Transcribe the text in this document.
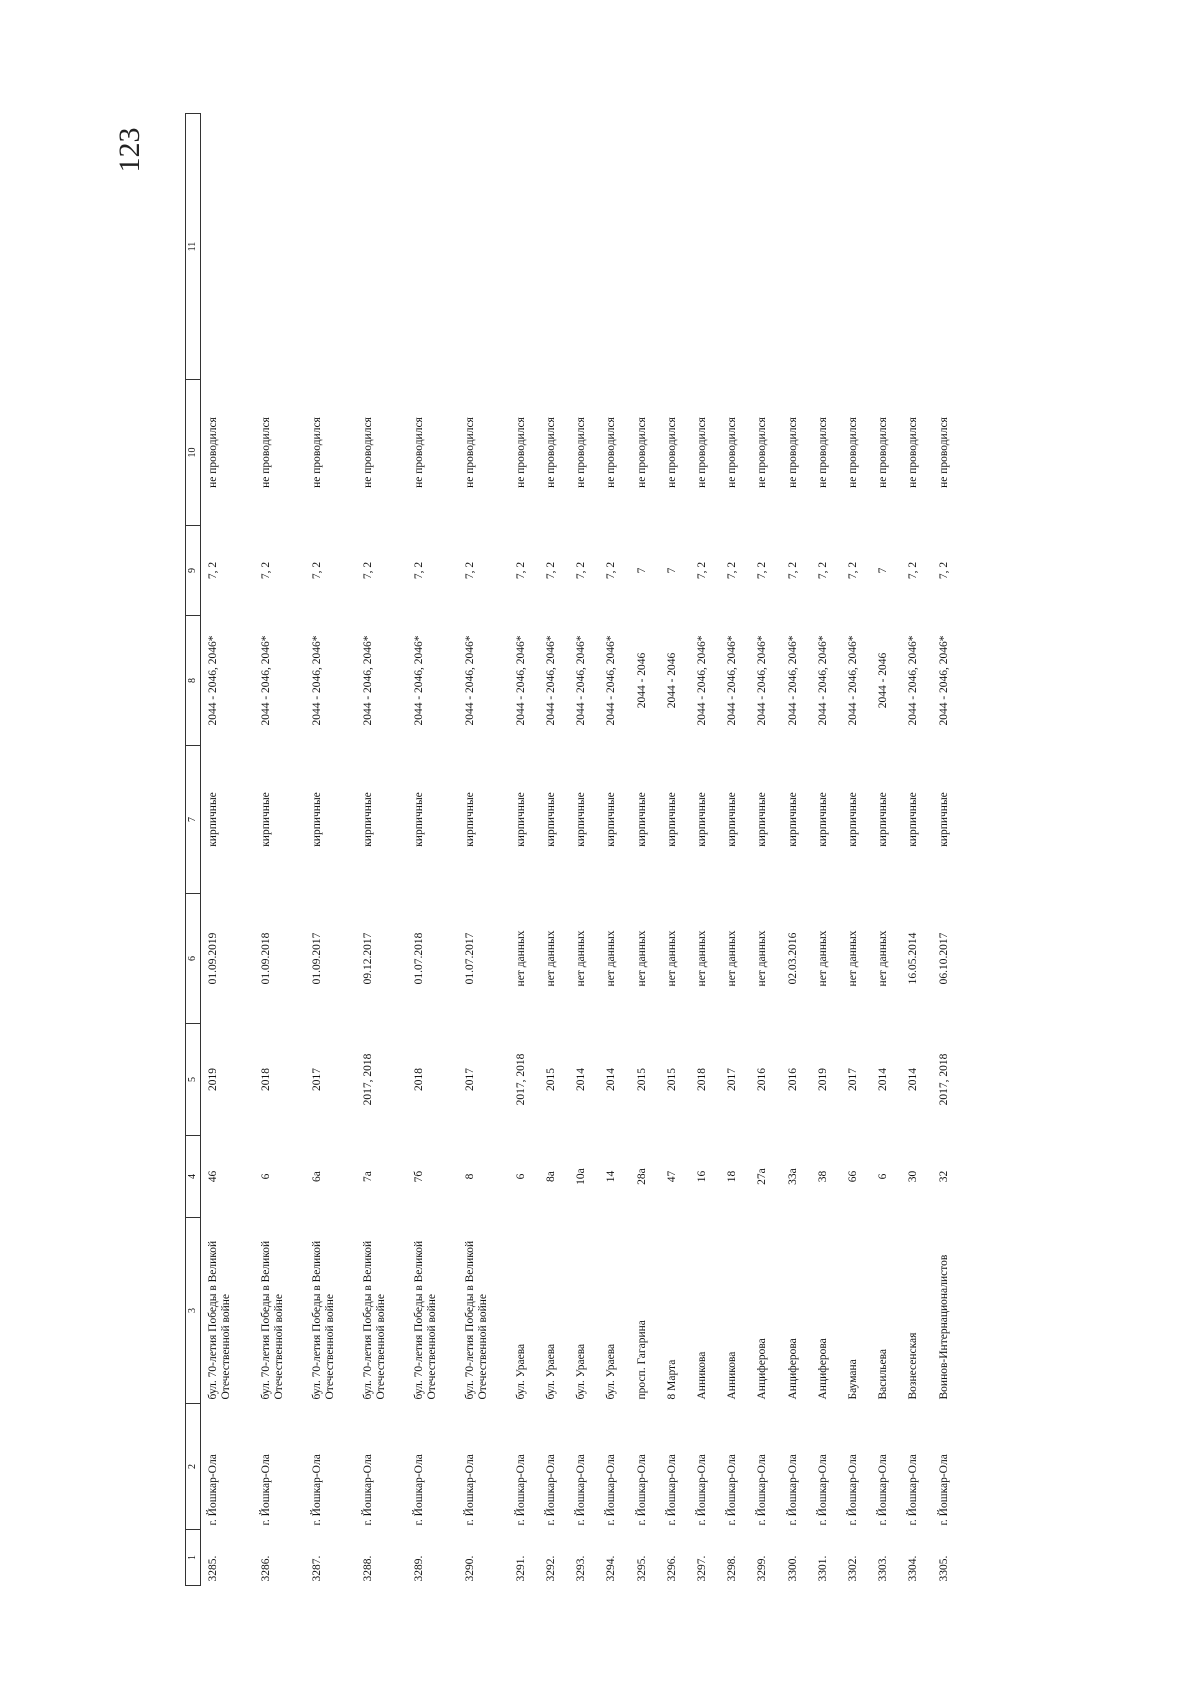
123
1	2	3	4	5	6	7	8	9	10	11
3285.	г. Йошкар-Ола	бул. 70-летия Победы в Великой Отечественной войне	46	2019	01.09.2019	кирпичные	2044 - 2046, 2046*	7, 2	не проводился	
3286.	г. Йошкар-Ола	бул. 70-летия Победы в Великой Отечественной войне	6	2018	01.09.2018	кирпичные	2044 - 2046, 2046*	7, 2	не проводился	
3287.	г. Йошкар-Ола	бул. 70-летия Победы в Великой Отечественной войне	6а	2017	01.09.2017	кирпичные	2044 - 2046, 2046*	7, 2	не проводился	
3288.	г. Йошкар-Ола	бул. 70-летия Победы в Великой Отечественной войне	7а	2017, 2018	09.12.2017	кирпичные	2044 - 2046, 2046*	7, 2	не проводился	
3289.	г. Йошкар-Ола	бул. 70-летия Победы в Великой Отечественной войне	7б	2018	01.07.2018	кирпичные	2044 - 2046, 2046*	7, 2	не проводился	
3290.	г. Йошкар-Ола	бул. 70-летия Победы в Великой Отечественной войне	8	2017	01.07.2017	кирпичные	2044 - 2046, 2046*	7, 2	не проводился	
3291.	г. Йошкар-Ола	бул. Ураева	6	2017, 2018	нет данных	кирпичные	2044 - 2046, 2046*	7, 2	не проводился	
3292.	г. Йошкар-Ола	бул. Ураева	8а	2015	нет данных	кирпичные	2044 - 2046, 2046*	7, 2	не проводился	
3293.	г. Йошкар-Ола	бул. Ураева	10а	2014	нет данных	кирпичные	2044 - 2046, 2046*	7, 2	не проводился	
3294.	г. Йошкар-Ола	бул. Ураева	14	2014	нет данных	кирпичные	2044 - 2046, 2046*	7, 2	не проводился	
3295.	г. Йошкар-Ола	просп. Гагарина	28а	2015	нет данных	кирпичные	2044 - 2046	7	не проводился	
3296.	г. Йошкар-Ола	8 Марта	47	2015	нет данных	кирпичные	2044 - 2046	7	не проводился	
3297.	г. Йошкар-Ола	Анникова	16	2018	нет данных	кирпичные	2044 - 2046, 2046*	7, 2	не проводился	
3298.	г. Йошкар-Ола	Анникова	18	2017	нет данных	кирпичные	2044 - 2046, 2046*	7, 2	не проводился	
3299.	г. Йошкар-Ола	Анциферова	27а	2016	нет данных	кирпичные	2044 - 2046, 2046*	7, 2	не проводился	
3300.	г. Йошкар-Ола	Анциферова	33а	2016	02.03.2016	кирпичные	2044 - 2046, 2046*	7, 2	не проводился	
3301.	г. Йошкар-Ола	Анциферова	38	2019	нет данных	кирпичные	2044 - 2046, 2046*	7, 2	не проводился	
3302.	г. Йошкар-Ола	Баумана	66	2017	нет данных	кирпичные	2044 - 2046, 2046*	7, 2	не проводился	
3303.	г. Йошкар-Ола	Васильева	6	2014	нет данных	кирпичные	2044 - 2046	7	не проводился	
3304.	г. Йошкар-Ола	Вознесенская	30	2014	16.05.2014	кирпичные	2044 - 2046, 2046*	7, 2	не проводился	
3305.	г. Йошкар-Ола	Воинов-Интернационалистов	32	2017, 2018	06.10.2017	кирпичные	2044 - 2046, 2046*	7, 2	не проводился	
